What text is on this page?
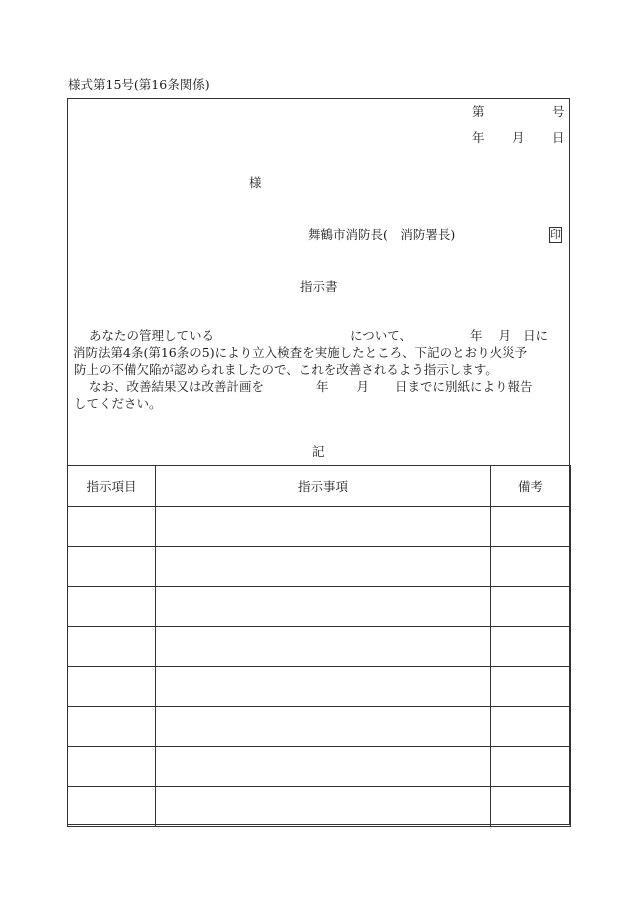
様式第15号(第16条関係)
第	号
年 月 日
様
舞鶴市消防長(　消防署長)	印
指示書
あなたの管理している	について、	年 月 日に
消防法第4条(第16条の5)により立入検査を実施したところ、下記のとおり火災予
防上の不備欠陥が認められましたので、これを改善されるよう指示します。
なお、改善結果又は改善計画を	年 月 日までに別紙により報告
してください。
記
指示項目	指示事項	備考
